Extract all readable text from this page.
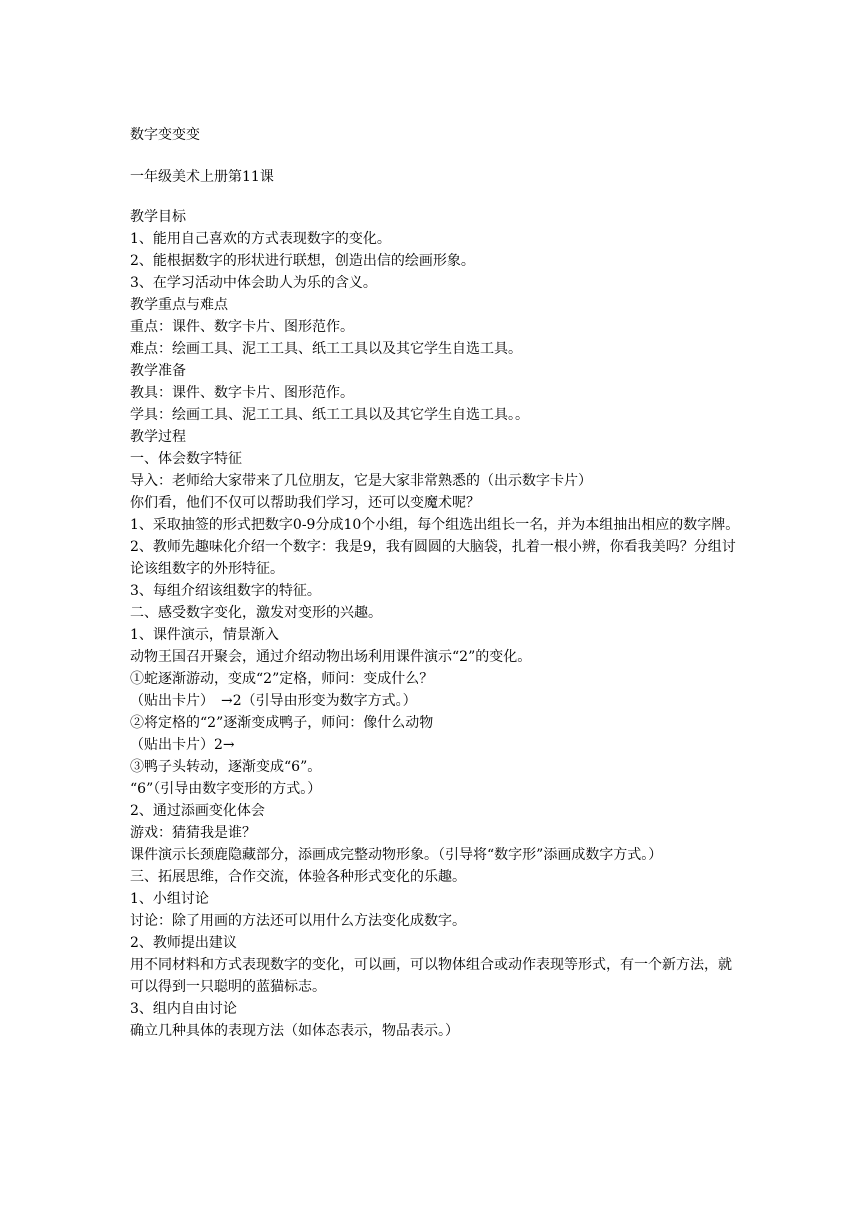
数字变变变
一年级美术上册第11课
教学目标
1、能用自己喜欢的方式表现数字的变化。
2、能根据数字的形状进行联想，创造出信的绘画形象。
3、在学习活动中体会助人为乐的含义。
教学重点与难点
重点：课件、数字卡片、图形范作。
难点：绘画工具、泥工工具、纸工工具以及其它学生自选工具。
教学准备
教具：课件、数字卡片、图形范作。
学具：绘画工具、泥工工具、纸工工具以及其它学生自选工具。。
教学过程
一、体会数字特征
导入：老师给大家带来了几位朋友，它是大家非常熟悉的（出示数字卡片）
你们看，他们不仅可以帮助我们学习，还可以变魔术呢？
1、采取抽签的形式把数字0-9分成10个小组，每个组选出组长一名，并为本组抽出相应的数字牌。
2、教师先趣味化介绍一个数字：我是9，我有圆圆的大脑袋，扎着一根小辨，你看我美吗？分组讨论该组数字的外形特征。
3、每组介绍该组数字的特征。
二、感受数字变化，激发对变形的兴趣。
1、课件演示，情景渐入
动物王国召开聚会，通过介绍动物出场利用课件演示“2”的变化。
①蛇逐渐游动，变成“2”定格，师问：变成什么？
（贴出卡片）　→2（引导由形变为数字方式。）
②将定格的“2”逐渐变成鸭子，师问：像什么动物
（贴出卡片）2→
③鸭子头转动，逐渐变成“6”。
“6”（引导由数字变形的方式。）
2、通过添画变化体会
游戏：猜猜我是谁？
课件演示长颈鹿隐藏部分，添画成完整动物形象。（引导将“数字形”添画成数字方式。）
三、拓展思维，合作交流，体验各种形式变化的乐趣。
1、小组讨论
讨论：除了用画的方法还可以用什么方法变化成数字。
2、教师提出建议
用不同材料和方式表现数字的变化，可以画，可以物体组合或动作表现等形式，有一个新方法，就可以得到一只聪明的蓝猫标志。
3、组内自由讨论
确立几种具体的表现方法（如体态表示，物品表示。）
